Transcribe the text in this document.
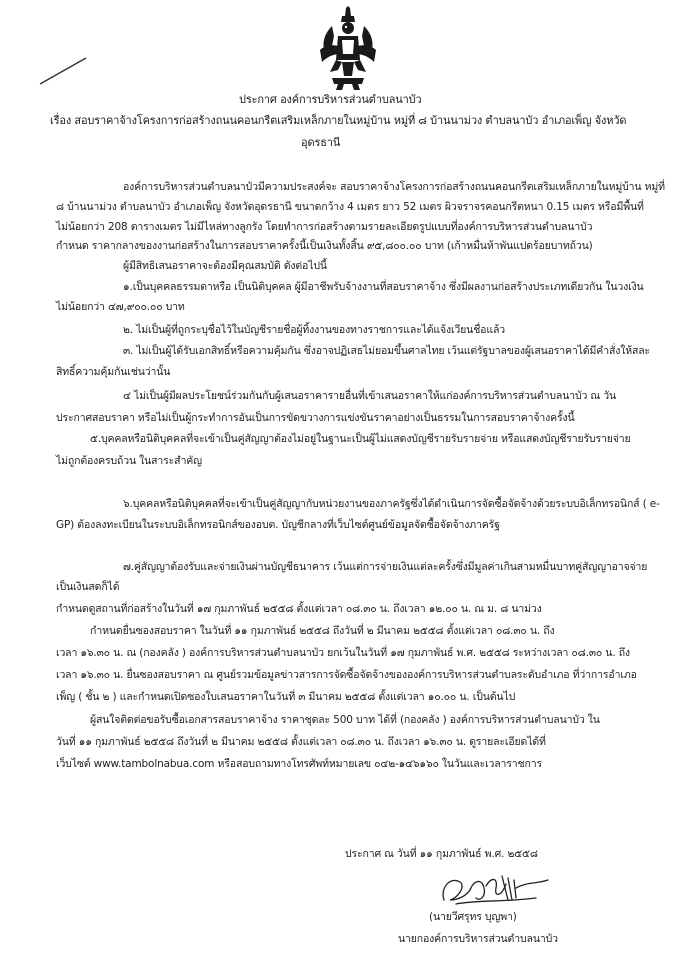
ประกาศ องค์การบริหารส่วนตำบลนาบัว
เรื่อง สอบราคาจ้างโครงการก่อสร้างถนนคอนกรีตเสริมเหล็กภายในหมู่บ้าน หมู่ที่ ๘ บ้านนาม่วง ตำบลนาบัว อำเภอเพ็ญ จังหวัด
อุดรธานี
องค์การบริหารส่วนตำบลนาบัวมีความประสงค์จะ สอบราคาจ้างโครงการก่อสร้างถนนคอนกรีตเสริมเหล็กภายในหมู่บ้าน หมู่ที่
๘ บ้านนาม่วง ตำบลนาบัว อำเภอเพ็ญ จังหวัดอุดรธานี ขนาดกว้าง 4 เมตร ยาว 52 เมตร ผิวจราจรคอนกรีตหนา 0.15 เมตร หรือมีพื้นที่
ไม่น้อยกว่า 208 ตารางเมตร ไม่มีไหล่ทางลูกรัง โดยทำการก่อสร้างตามรายละเอียดรูปแบบที่องค์การบริหารส่วนตำบลนาบัว
กำหนด ราคากลางของงานก่อสร้างในการสอบราคาครั้งนี้เป็นเงินทั้งสิ้น ๙๕,๘๐๐.๐๐ บาท (เก้าหมื่นห้าพันแปดร้อยบาทถ้วน)
ผู้มีสิทธิเสนอราคาจะต้องมีคุณสมบัติ ดังต่อไปนี้
๑.เป็นบุคคลธรรมดาหรือ เป็นนิติบุคคล ผู้มีอาชีพรับจ้างงานที่สอบราคาจ้าง ซึ่งมีผลงานก่อสร้างประเภทเดียวกัน ในวงเงิน
ไม่น้อยกว่า ๔๗,๙๐๐.๐๐ บาท
๒. ไม่เป็นผู้ที่ถูกระบุชื่อไว้ในบัญชีรายชื่อผู้ทิ้งงานของทางราชการและได้แจ้งเวียนชื่อแล้ว
๓. ไม่เป็นผู้ได้รับเอกสิทธิ์หรือความคุ้มกัน ซึ่งอาจปฏิเสธไม่ยอมขึ้นศาลไทย เว้นแต่รัฐบาลของผู้เสนอราคาได้มีคำสั่งให้สละ
สิทธิ์ความคุ้มกันเช่นว่านั้น
๔ ไม่เป็นผู้มีผลประโยชน์ร่วมกันกับผู้เสนอราคารายอื่นที่เข้าเสนอราคาให้แก่องค์การบริหารส่วนตำบลนาบัว ณ วัน
ประกาศสอบราคา หรือไม่เป็นผู้กระทำการอันเป็นการขัดขวางการแข่งขันราคาอย่างเป็นธรรมในการสอบราคาจ้างครั้งนี้
๕.บุคคลหรือนิติบุคคลที่จะเข้าเป็นคู่สัญญาต้องไม่อยู่ในฐานะเป็นผู้ไม่แสดงบัญชีรายรับรายจ่าย หรือแสดงบัญชีรายรับรายจ่าย
ไม่ถูกต้องครบถ้วน ในสาระสำคัญ
๖.บุคคลหรือนิติบุคคลที่จะเข้าเป็นคู่สัญญากับหน่วยงานของภาครัฐซึ่งได้ดำเนินการจัดซื้อจัดจ้างด้วยระบบอิเล็กทรอนิกส์ ( e-
GP) ต้องลงทะเบียนในระบบอิเล็กทรอนิกส์ของอบต. บัญชีกลางที่เว็บไซต์ศูนย์ข้อมูลจัดซื้อจัดจ้างภาครัฐ
๗.คู่สัญญาต้องรับและจ่ายเงินผ่านบัญชีธนาคาร เว้นแต่การจ่ายเงินแต่ละครั้งซึ่งมีมูลค่าเกินสามหมื่นบาทคู่สัญญาอาจจ่าย
เป็นเงินสดก็ได้
กำหนดดูสถานที่ก่อสร้างในวันที่ ๑๗ กุมภาพันธ์ ๒๕๕๘ ตั้งแต่เวลา ๐๘.๓๐ น. ถึงเวลา ๑๒.๐๐ น. ณ ม. ๘ นาม่วง
กำหนดยื่นซองสอบราคา ในวันที่ ๑๑ กุมภาพันธ์ ๒๕๕๘ ถึงวันที่ ๒ มีนาคม ๒๕๕๘ ตั้งแต่เวลา ๐๘.๓๐ น. ถึง
เวลา ๑๖.๓๐ น. ณ (กองคลัง ) องค์การบริหารส่วนตำบลนาบัว ยกเว้นในวันที่ ๑๗ กุมภาพันธ์ พ.ศ. ๒๕๕๘ ระหว่างเวลา ๐๘.๓๐ น. ถึง
เวลา ๑๖.๓๐ น. ยื่นซองสอบราคา ณ ศูนย์รวมข้อมูลข่าวสารการจัดซื้อจัดจ้างขององค์การบริหารส่วนตำบลระดับอำเภอ ที่ว่าการอำเภอ
เพ็ญ ( ชั้น ๒ ) และกำหนดเปิดซองใบเสนอราคาในวันที่ ๓ มีนาคม ๒๕๕๘ ตั้งแต่เวลา ๑๐.๐๐ น. เป็นต้นไป
ผู้สนใจติดต่อขอรับซื้อเอกสารสอบราคาจ้าง ราคาชุดละ 500 บาท ได้ที่ (กองคลัง ) องค์การบริหารส่วนตำบลนาบัว ใน
วันที่ ๑๑ กุมภาพันธ์ ๒๕๕๘ ถึงวันที่ ๒ มีนาคม ๒๕๕๘ ตั้งแต่เวลา ๐๘.๓๐ น. ถึงเวลา ๑๖.๓๐ น. ดูรายละเอียดได้ที่
เว็บไซต์ www.tambolnabua.com หรือสอบถามทางโทรศัพท์หมายเลข ๐๔๒-๑๔๖๑๖๐ ในวันและเวลาราชการ
ประกาศ ณ วันที่ ๑๑ กุมภาพันธ์ พ.ศ. ๒๕๕๘
(นายวีศรุทร บุญพา)
นายกองค์การบริหารส่วนตำบลนาบัว
